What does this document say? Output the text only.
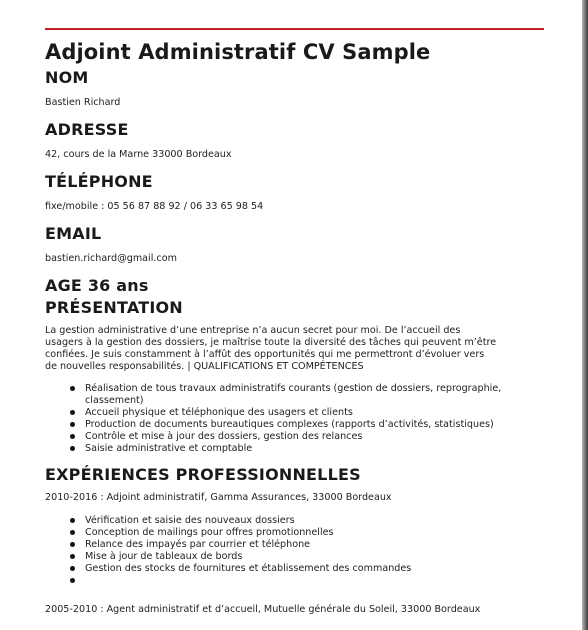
Adjoint Administratif CV Sample
NOM
Bastien Richard
ADRESSE
42, cours de la Marne 33000 Bordeaux
TÉLÉPHONE
fixe/mobile : 05 56 87 88 92 / 06 33 65 98 54
EMAIL
bastien.richard@gmail.com
AGE 36 ans
PRÉSENTATION
La gestion administrative d’une entreprise n’a aucun secret pour moi. De l’accueil des
usagers à la gestion des dossiers, je maîtrise toute la diversité des tâches qui peuvent m’être
confiées. Je suis constamment à l’affût des opportunités qui me permettront d’évoluer vers
de nouvelles responsabilités. | QUALIFICATIONS ET COMPÉTENCES
Réalisation de tous travaux administratifs courants (gestion de dossiers, reprographie,
classement)
Accueil physique et téléphonique des usagers et clients
Production de documents bureautiques complexes (rapports d’activités, statistiques)
Contrôle et mise à jour des dossiers, gestion des relances
Saisie administrative et comptable
EXPÉRIENCES PROFESSIONNELLES
2010-2016 : Adjoint administratif, Gamma Assurances, 33000 Bordeaux
Vérification et saisie des nouveaux dossiers
Conception de mailings pour offres promotionnelles
Relance des impayés par courrier et téléphone
Mise à jour de tableaux de bords
Gestion des stocks de fournitures et établissement des commandes
2005-2010 : Agent administratif et d’accueil, Mutuelle générale du Soleil, 33000 Bordeaux
